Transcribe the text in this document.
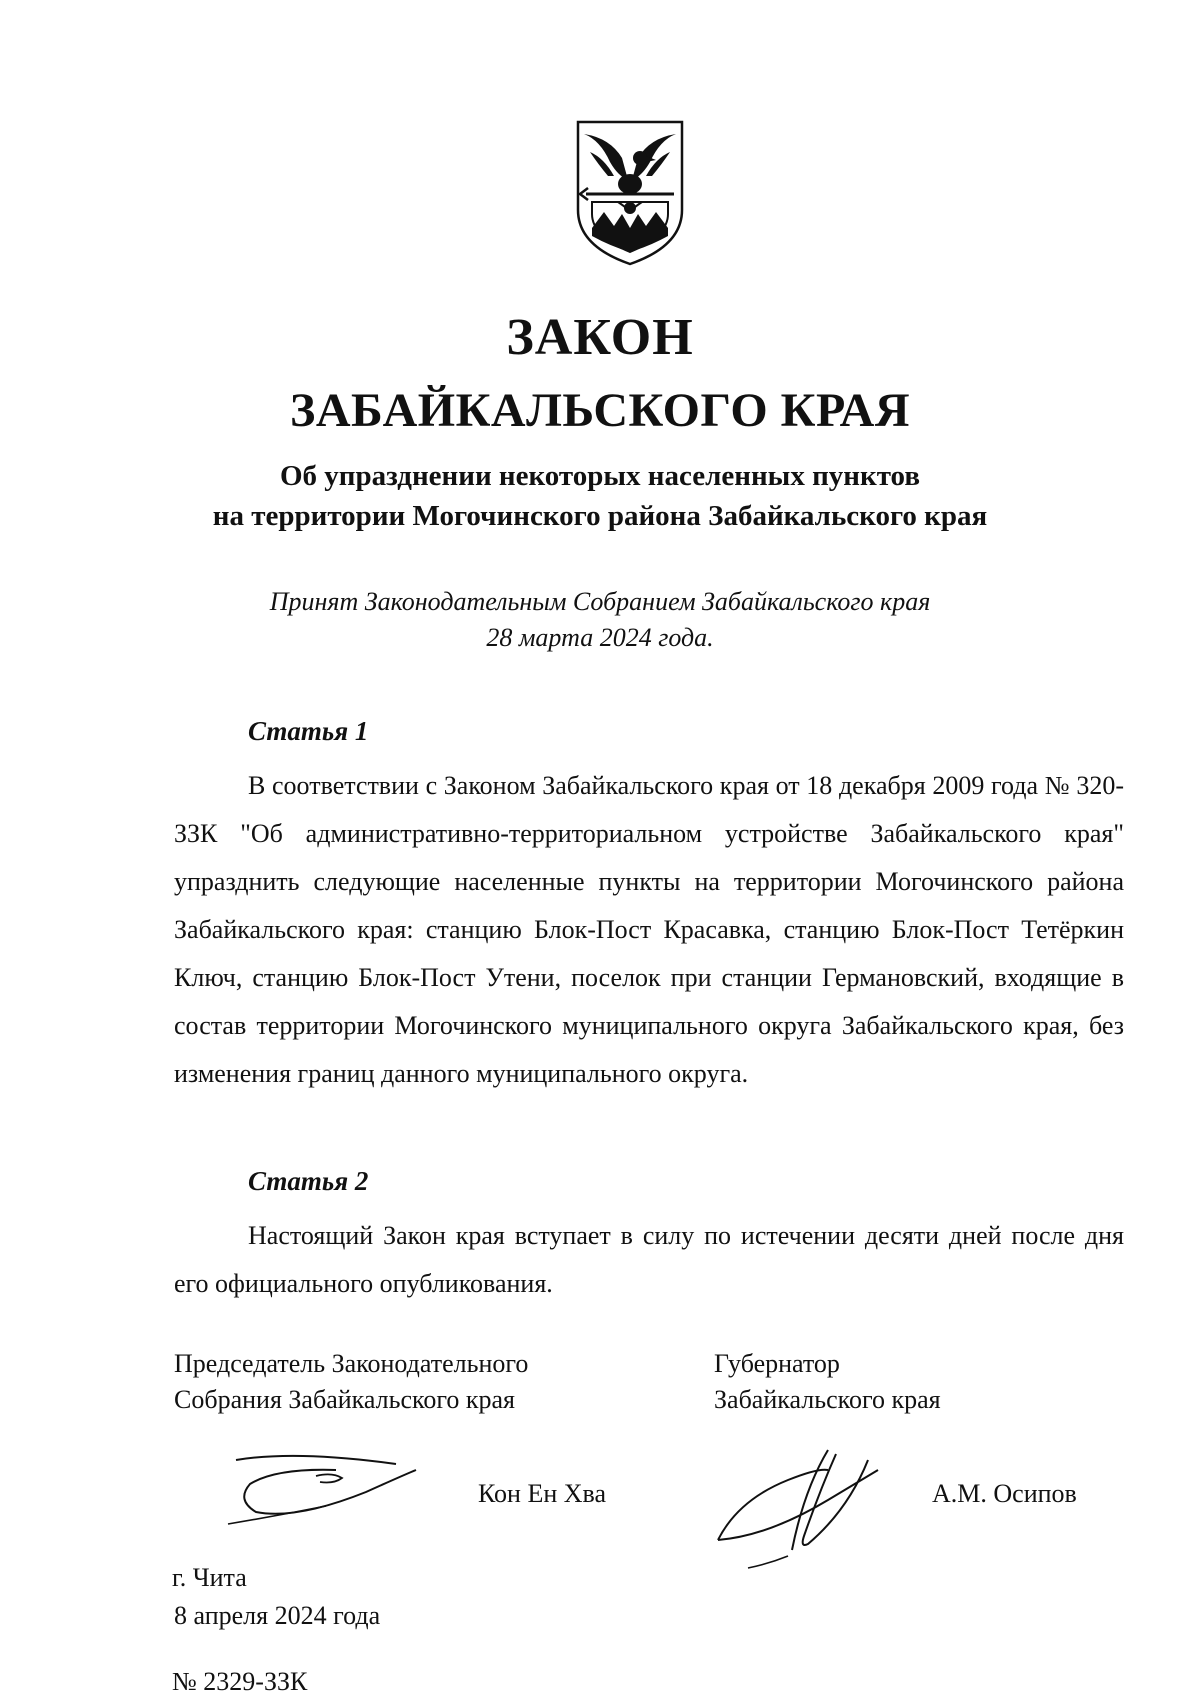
ЗАКОН
ЗАБАЙКАЛЬСКОГО КРАЯ
Об упразднении некоторых населенных пунктов
на территории Могочинского района Забайкальского края
Принят Законодательным Собранием Забайкальского края
28 марта 2024 года.
Статья 1

В соответствии с Законом Забайкальского края от 18 декабря 2009 года № 320-ЗЗК "Об административно-территориальном устройстве Забайкальского края" упразднить следующие населенные пункты на территории Могочинского района Забайкальского края: станцию Блок-Пост Красавка, станцию Блок-Пост Тетёркин Ключ, станцию Блок-Пост Утени, поселок при станции Германовский, входящие в состав территории Могочинского муниципального округа Забайкальского края, без изменения границ данного муниципального округа.

Статья 2

Настоящий Закон края вступает в силу по истечении десяти дней после дня его официального опубликования.

Председатель Законодательного
Собрания Забайкальского края
Губернатор
Забайкальского края
Кон Ен Хва	А.М. Осипов
г. Чита
8 апреля 2024 года
№ 2329-ЗЗК
